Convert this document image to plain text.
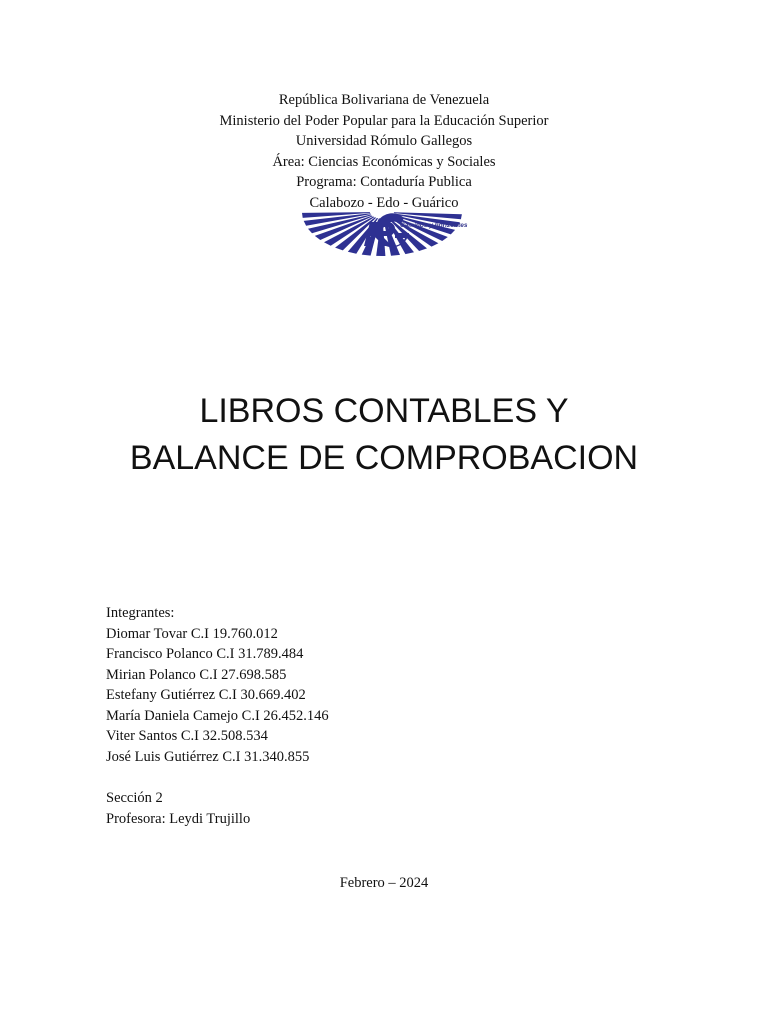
República Bolivariana de Venezuela
Ministerio del Poder Popular para la Educación Superior
Universidad Rómulo Gallegos
Área: Ciencias Económicas y Sociales
Programa: Contaduría Publica
Calabozo - Edo - Guárico
Caminos y horizontes
LIBROS CONTABLES Y
BALANCE DE COMPROBACION
Integrantes:
Diomar Tovar C.I 19.760.012
Francisco Polanco C.I 31.789.484
Mirian Polanco C.I 27.698.585
Estefany Gutiérrez C.I 30.669.402
María Daniela Camejo C.I 26.452.146
Viter Santos C.I 32.508.534
José Luis Gutiérrez C.I 31.340.855
Sección 2
Profesora: Leydi Trujillo
Febrero – 2024
